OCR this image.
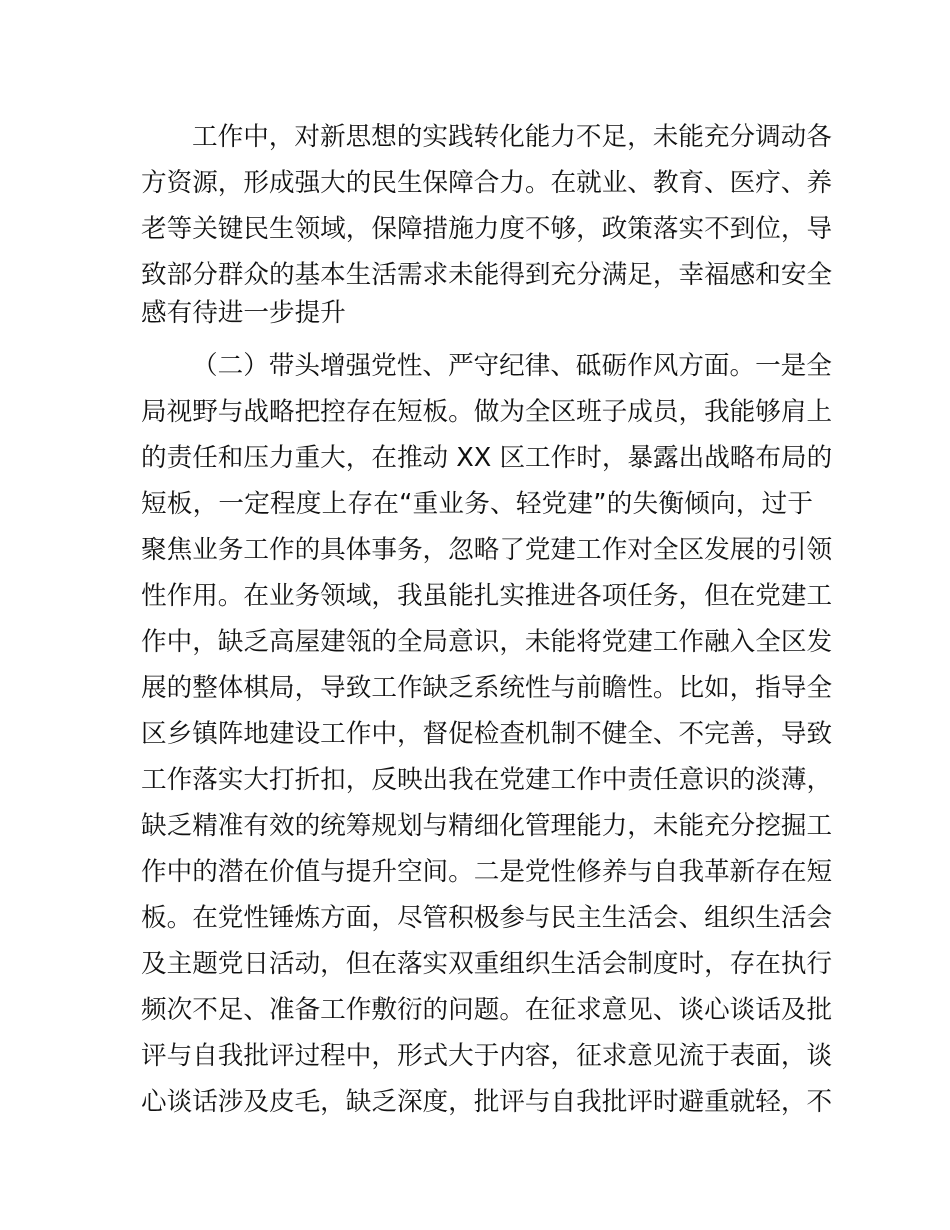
工作中，对新思想的实践转化能力不足，未能充分调动各
方资源，形成强大的民生保障合力。在就业、教育、医疗、养
老等关键民生领域，保障措施力度不够，政策落实不到位，导
致部分群众的基本生活需求未能得到充分满足，幸福感和安全
感有待进一步提升
（二）带头增强党性、严守纪律、砥砺作风方面。一是全
局视野与战略把控存在短板。做为全区班子成员，我能够肩上
的责任和压力重大，在推动 XX 区工作时，暴露出战略布局的
短板，一定程度上存在“重业务、轻党建”的失衡倾向，过于
聚焦业务工作的具体事务，忽略了党建工作对全区发展的引领
性作用。在业务领域，我虽能扎实推进各项任务，但在党建工
作中，缺乏高屋建瓴的全局意识，未能将党建工作融入全区发
展的整体棋局，导致工作缺乏系统性与前瞻性。比如，指导全
区乡镇阵地建设工作中，督促检查机制不健全、不完善，导致
工作落实大打折扣，反映出我在党建工作中责任意识的淡薄，
缺乏精准有效的统筹规划与精细化管理能力，未能充分挖掘工
作中的潜在价值与提升空间。二是党性修养与自我革新存在短
板。在党性锤炼方面，尽管积极参与民主生活会、组织生活会
及主题党日活动，但在落实双重组织生活会制度时，存在执行
频次不足、准备工作敷衍的问题。在征求意见、谈心谈话及批
评与自我批评过程中，形式大于内容，征求意见流于表面，谈
心谈话涉及皮毛，缺乏深度，批评与自我批评时避重就轻，不
